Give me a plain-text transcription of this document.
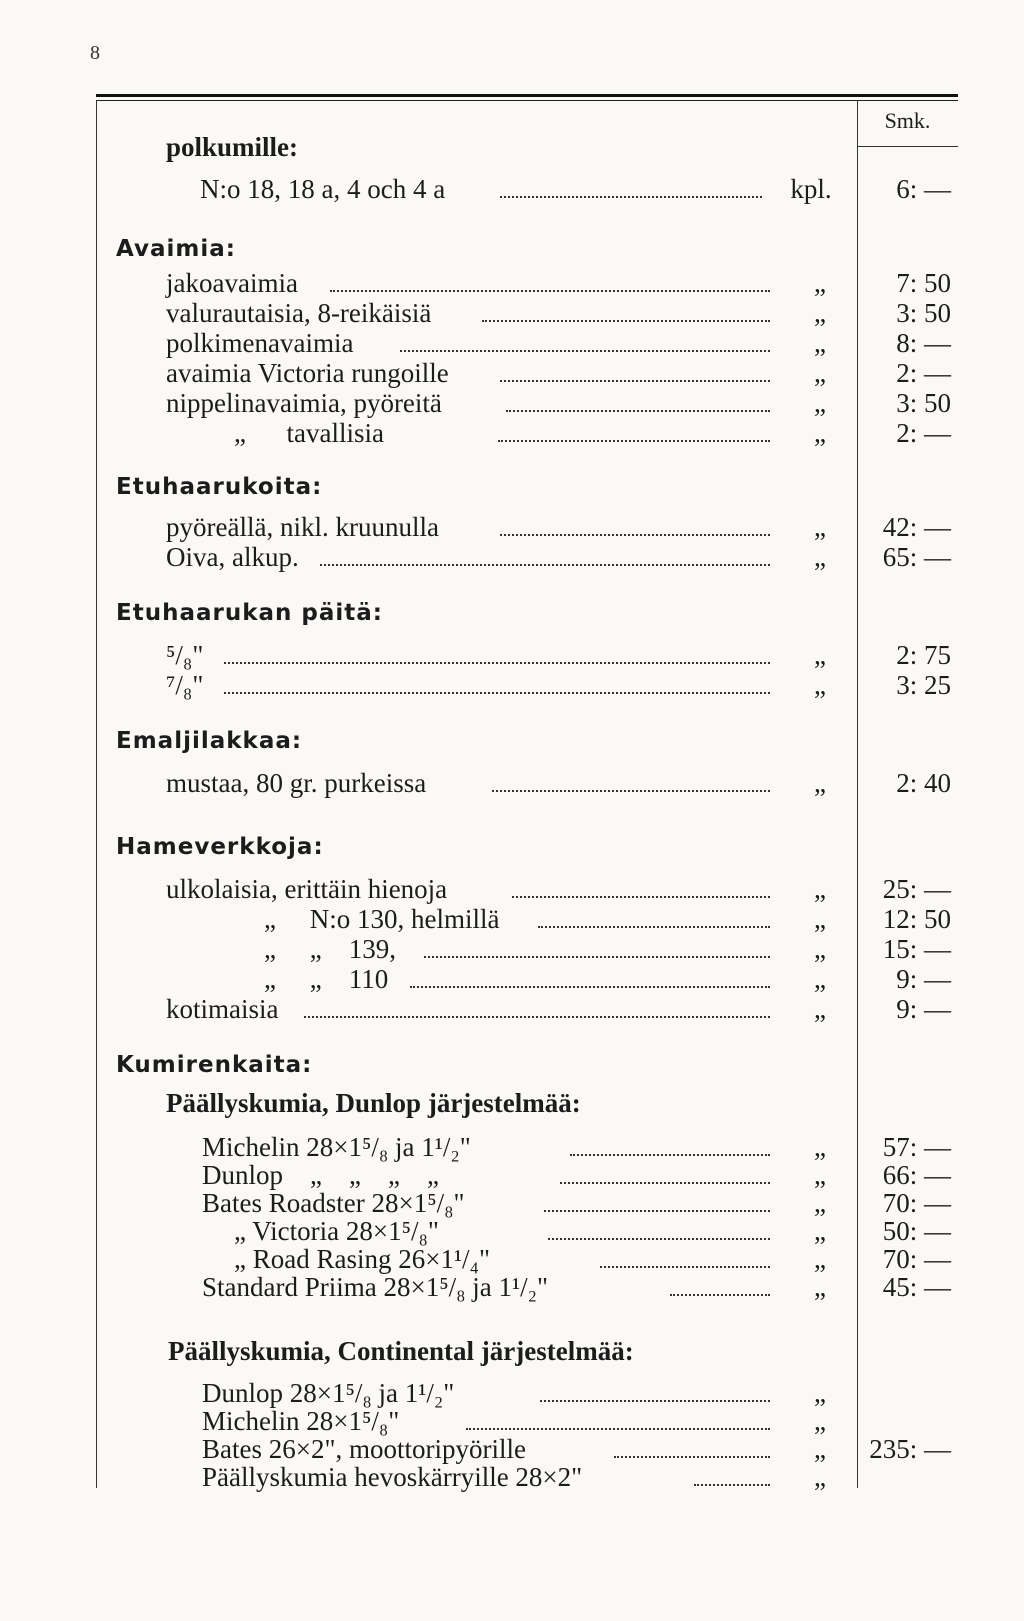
8
Smk.
polkumille:
N:o 18, 18 a, 4 och 4 a	kpl.	6: —
Avaimia:
jakoavaimia	„	7: 50
valurautaisia, 8-reikäisiä	„	3: 50
polkimenavaimia	„	8: —
avaimia Victoria rungoille	„	2: —
nippelinavaimia, pyöreitä	„	3: 50
„      tavallisia	„	2: —
Etuhaarukoita:
pyöreällä, nikl. kruunulla	„	42: —
Oiva, alkup.	„	65: —
Etuhaarukan päitä:
⁵/₈"	„	2: 75
⁷/₈"	„	3: 25
Emaljilakkaa:
mustaa, 80 gr. purkeissa	„	2: 40
Hameverkkoja:
ulkolaisia, erittäin hienoja	„	25: —
„     N:o 130, helmillä	„	12: 50
„     „    139,	„	15: —
„     „    110	„	9: —
kotimaisia	„	9: —
Kumirenkaita:
Päällyskumia, Dunlop järjestelmää:
Michelin 28×1⁵/₈ ja 1¹/₂"	„	57: —
Dunlop    „    „    „    „	„	66: —
Bates Roadster 28×1⁵/₈"	„	70: —
„ Victoria 28×1⁵/₈"	„	50: —
„ Road Rasing 26×1¹/₄"	„	70: —
Standard Priima 28×1⁵/₈ ja 1¹/₂"	„	45: —
Päällyskumia, Continental järjestelmää:
Dunlop 28×1⁵/₈ ja 1¹/₂"	„
Michelin 28×1⁵/₈"	„
Bates 26×2", moottoripyörille	„	235: —
Päällyskumia hevoskärryille 28×2"	„
